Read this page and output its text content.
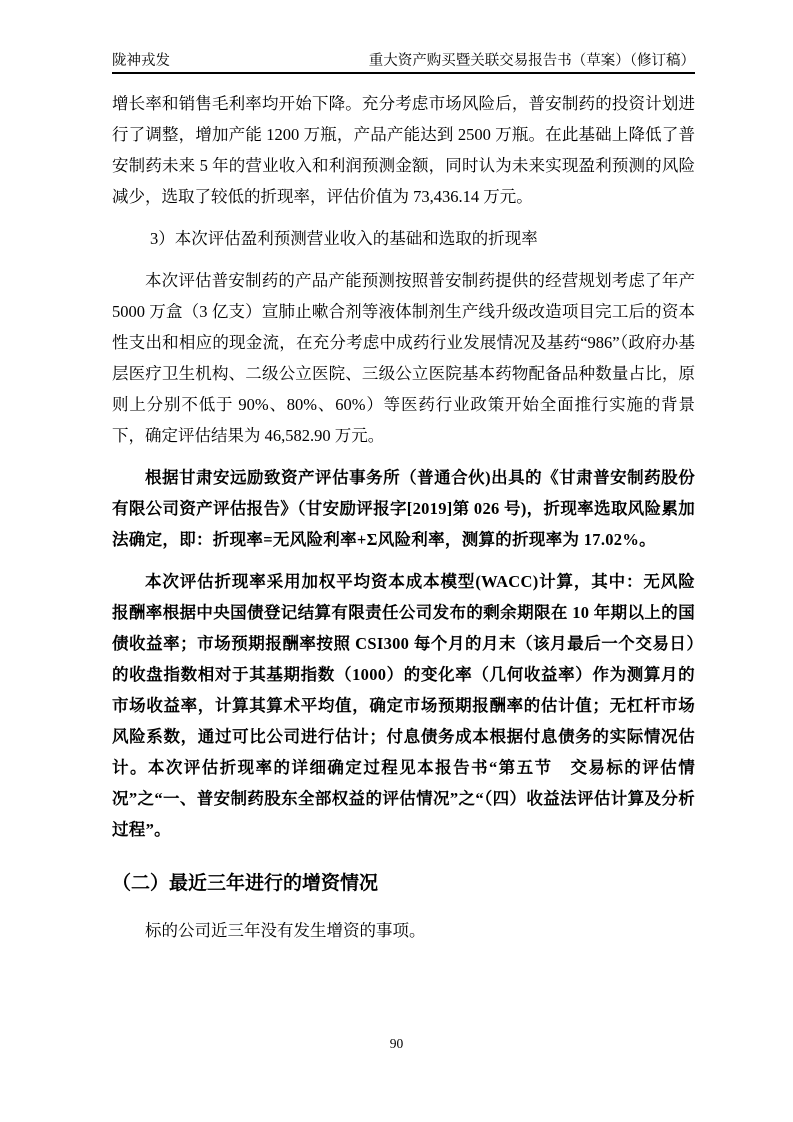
陇神戎发	重大资产购买暨关联交易报告书（草案）（修订稿）

增长率和销售毛利率均开始下降。充分考虑市场风险后，普安制药的投资计划进行了调整，增加产能 1200 万瓶，产品产能达到 2500 万瓶。在此基础上降低了普安制药未来 5 年的营业收入和利润预测金额，同时认为未来实现盈利预测的风险减少，选取了较低的折现率，评估价值为 73,436.14 万元。

3）本次评估盈利预测营业收入的基础和选取的折现率

本次评估普安制药的产品产能预测按照普安制药提供的经营规划考虑了年产 5000 万盒（3 亿支）宣肺止嗽合剂等液体制剂生产线升级改造项目完工后的资本性支出和相应的现金流，在充分考虑中成药行业发展情况及基药“986”（政府办基层医疗卫生机构、二级公立医院、三级公立医院基本药物配备品种数量占比，原则上分别不低于 90%、80%、60%）等医药行业政策开始全面推行实施的背景下，确定评估结果为 46,582.90 万元。

根据甘肃安远励致资产评估事务所（普通合伙)出具的《甘肃普安制药股份有限公司资产评估报告》（甘安励评报字[2019]第 026 号)，折现率选取风险累加法确定，即：折现率=无风险利率+Σ风险利率，测算的折现率为 17.02%。

本次评估折现率采用加权平均资本成本模型(WACC)计算，其中：无风险报酬率根据中央国债登记结算有限责任公司发布的剩余期限在 10 年期以上的国债收益率；市场预期报酬率按照 CSI300 每个月的月末（该月最后一个交易日）的收盘指数相对于其基期指数（1000）的变化率（几何收益率）作为测算月的市场收益率，计算其算术平均值，确定市场预期报酬率的估计值；无杠杆市场风险系数，通过可比公司进行估计；付息债务成本根据付息债务的实际情况估计。本次评估折现率的详细确定过程见本报告书“第五节　交易标的评估情况”之“一、普安制药股东全部权益的评估情况”之“（四）收益法评估计算及分析过程”。

（二）最近三年进行的增资情况

标的公司近三年没有发生增资的事项。

90
